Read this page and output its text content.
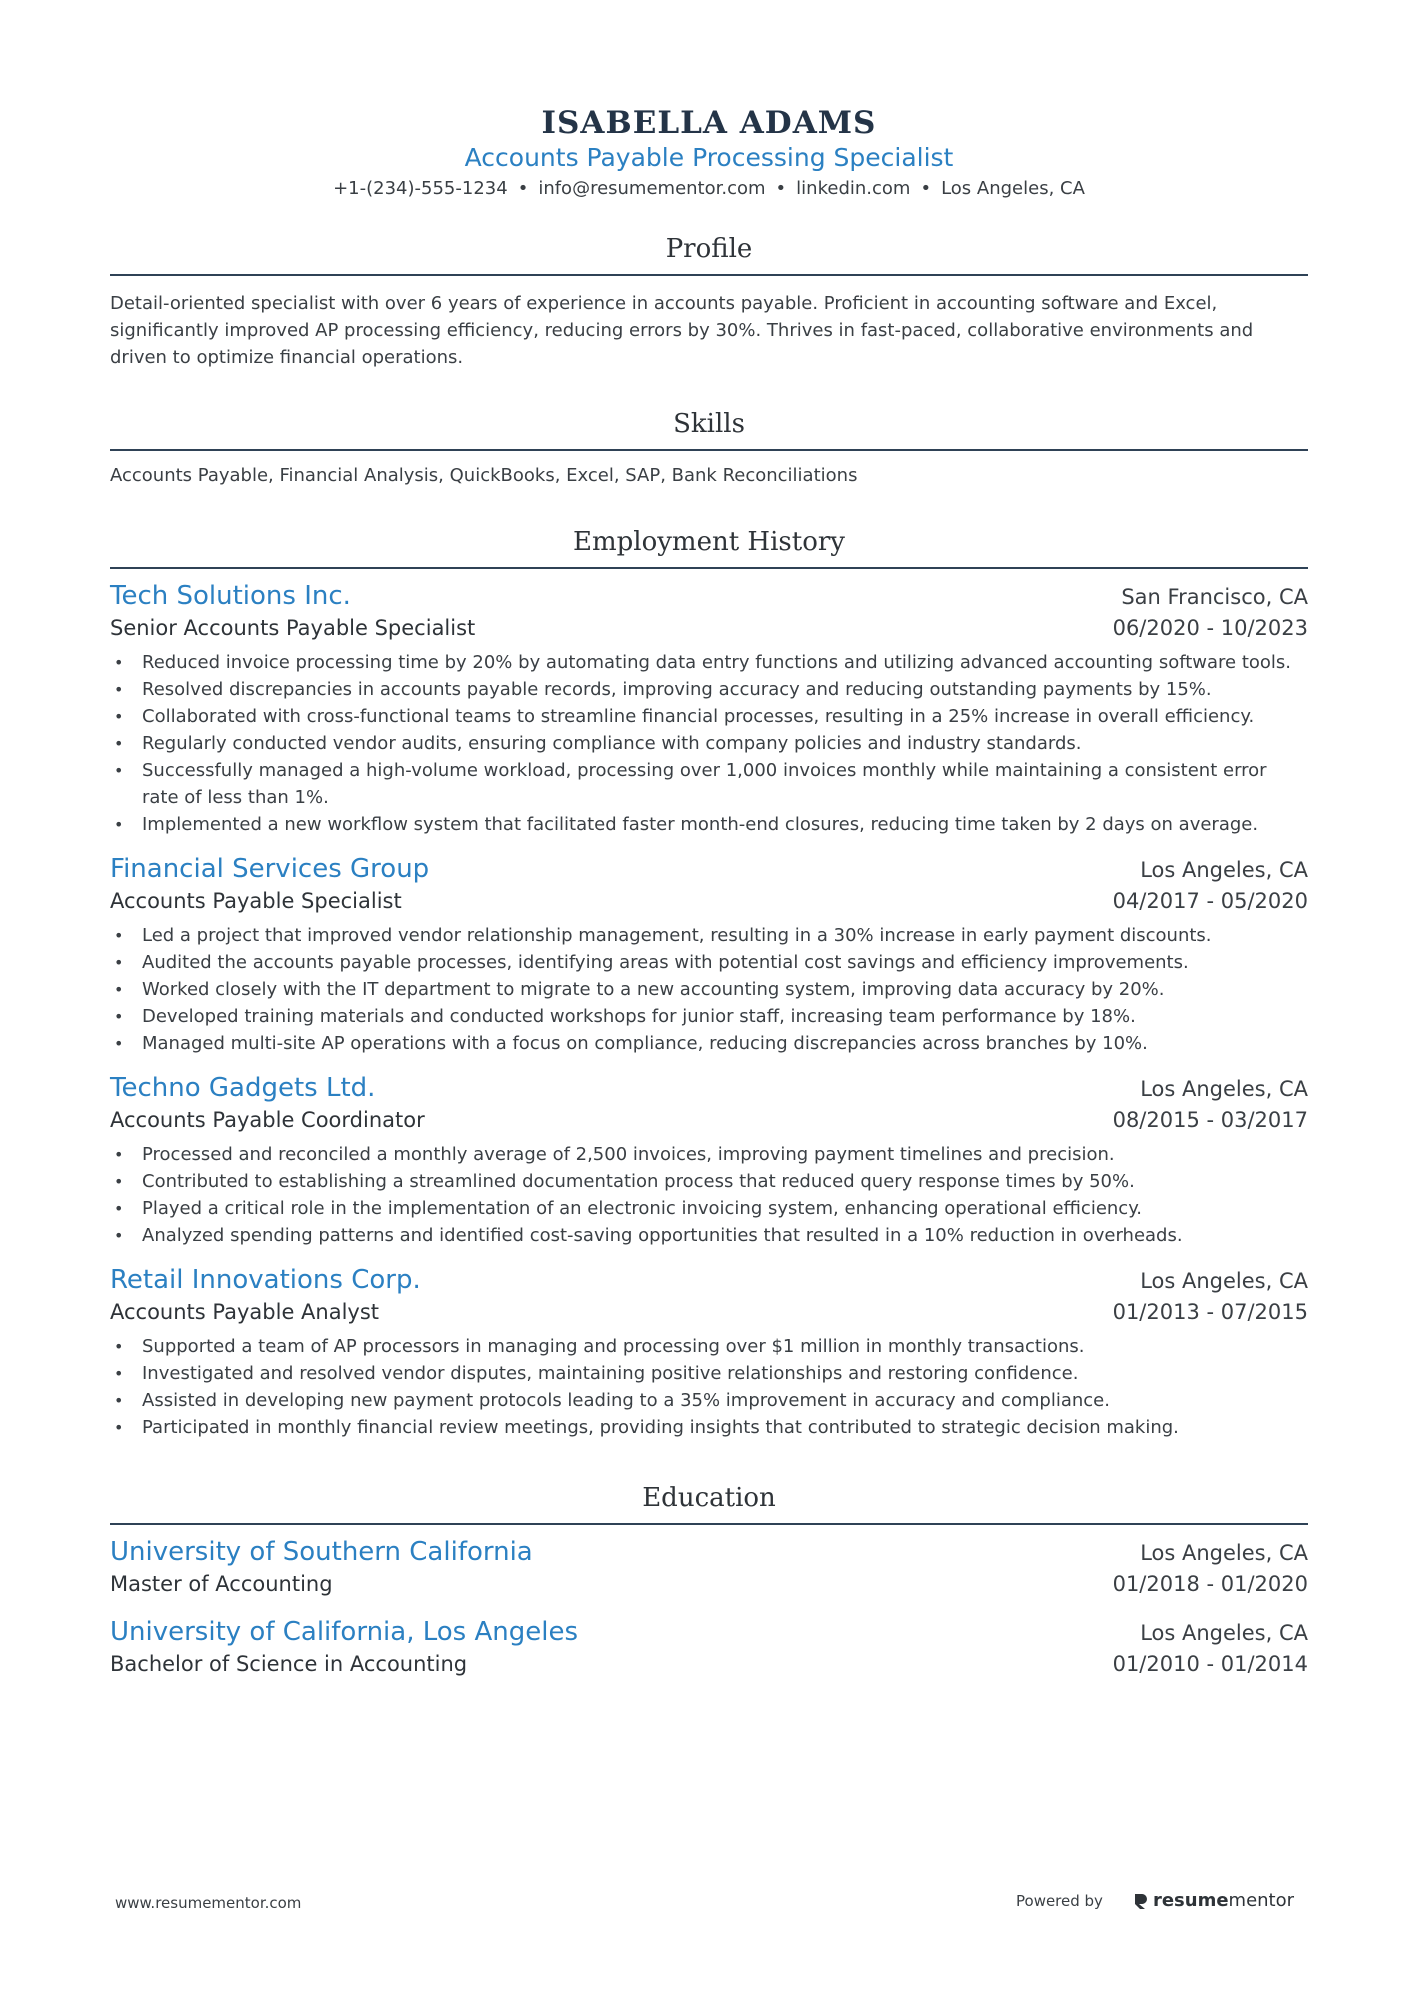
ISABELLA ADAMS
Accounts Payable Processing Specialist
+1-(234)-555-1234 • info@resumementor.com • linkedin.com • Los Angeles, CA
Profile
Detail-oriented specialist with over 6 years of experience in accounts payable. Proficient in accounting software and Excel, significantly improved AP processing efficiency, reducing errors by 30%. Thrives in fast-paced, collaborative environments and driven to optimize financial operations.
Skills
Accounts Payable, Financial Analysis, QuickBooks, Excel, SAP, Bank Reconciliations
Employment History
Tech Solutions Inc.	San Francisco, CA
Senior Accounts Payable Specialist	06/2020 - 10/2023
• Reduced invoice processing time by 20% by automating data entry functions and utilizing advanced accounting software tools.
• Resolved discrepancies in accounts payable records, improving accuracy and reducing outstanding payments by 15%.
• Collaborated with cross-functional teams to streamline financial processes, resulting in a 25% increase in overall efficiency.
• Regularly conducted vendor audits, ensuring compliance with company policies and industry standards.
• Successfully managed a high-volume workload, processing over 1,000 invoices monthly while maintaining a consistent error rate of less than 1%.
• Implemented a new workflow system that facilitated faster month-end closures, reducing time taken by 2 days on average.
Financial Services Group	Los Angeles, CA
Accounts Payable Specialist	04/2017 - 05/2020
• Led a project that improved vendor relationship management, resulting in a 30% increase in early payment discounts.
• Audited the accounts payable processes, identifying areas with potential cost savings and efficiency improvements.
• Worked closely with the IT department to migrate to a new accounting system, improving data accuracy by 20%.
• Developed training materials and conducted workshops for junior staff, increasing team performance by 18%.
• Managed multi-site AP operations with a focus on compliance, reducing discrepancies across branches by 10%.
Techno Gadgets Ltd.	Los Angeles, CA
Accounts Payable Coordinator	08/2015 - 03/2017
• Processed and reconciled a monthly average of 2,500 invoices, improving payment timelines and precision.
• Contributed to establishing a streamlined documentation process that reduced query response times by 50%.
• Played a critical role in the implementation of an electronic invoicing system, enhancing operational efficiency.
• Analyzed spending patterns and identified cost-saving opportunities that resulted in a 10% reduction in overheads.
Retail Innovations Corp.	Los Angeles, CA
Accounts Payable Analyst	01/2013 - 07/2015
• Supported a team of AP processors in managing and processing over $1 million in monthly transactions.
• Investigated and resolved vendor disputes, maintaining positive relationships and restoring confidence.
• Assisted in developing new payment protocols leading to a 35% improvement in accuracy and compliance.
• Participated in monthly financial review meetings, providing insights that contributed to strategic decision making.
Education
University of Southern California	Los Angeles, CA
Master of Accounting	01/2018 - 01/2020
University of California, Los Angeles	Los Angeles, CA
Bachelor of Science in Accounting	01/2010 - 01/2014
www.resumementor.com	Powered by	resume mentor
